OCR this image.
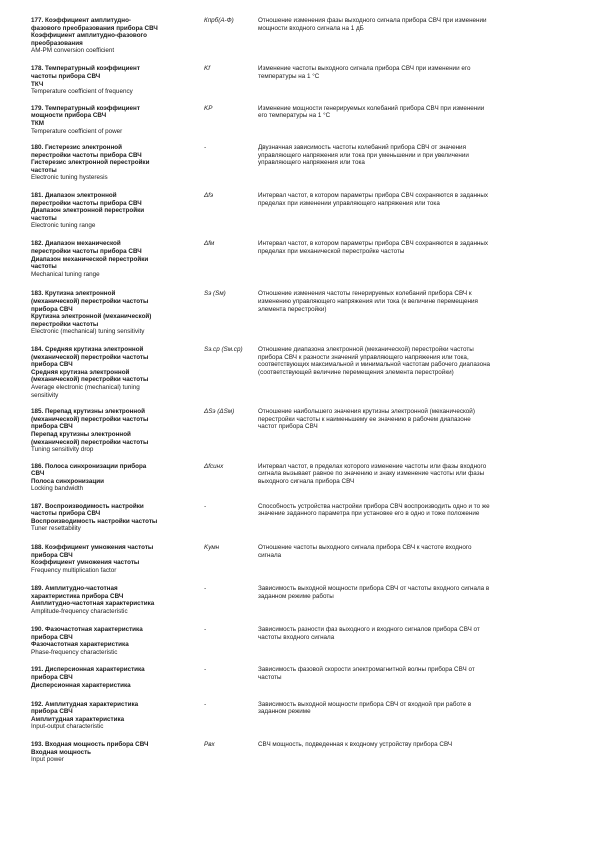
177. Коэффициент амплитудно-
фазового преобразования прибора СВЧ
Коэффициент амплитудно-фазового
преобразования
AM-PM conversion coefficient
Кпрб(А-Ф)	Отношение изменения фазы выходного сигнала прибора СВЧ при изменении
мощности входного сигнала на 1 дБ
178. Температурный коэффициент
частоты прибора СВЧ
ТКЧ
Temperature coefficient of frequency
Kf	Изменение частоты выходного сигнала прибора СВЧ при изменении его
температуры на 1 °С
179. Температурный коэффициент
мощности прибора СВЧ
ТКМ
Temperature coefficient of power
KP	Изменение мощности генерируемых колебаний прибора СВЧ при изменении
его температуры на 1 °С
180. Гистерезис электронной
перестройки частоты прибора СВЧ
Гистерезис электронной перестройки
частоты
Electronic tuning hysteresis
-	Двузначная зависимость частоты колебаний прибора СВЧ от значения
управляющего напряжения или тока при уменьшении и при увеличении
управляющего напряжения или тока
181. Диапазон электронной
перестройки частоты прибора СВЧ
Диапазон электронной перестройки
частоты
Electronic tuning range
Δfэ	Интервал частот, в котором параметры прибора СВЧ сохраняются в заданных
пределах при изменении управляющего напряжения или тока
182. Диапазон механической
перестройки частоты прибора СВЧ
Диапазон механической перестройки
частоты
Mechanical tuning range
Δfм	Интервал частот, в котором параметры прибора СВЧ сохраняются в заданных
пределах при механической перестройке частоты
183. Крутизна электронной
(механической) перестройки частоты
прибора СВЧ
Крутизна электронной (механической)
перестройки частоты
Electronic (mechanical) tuning sensitivity
Sэ (Sм)	Отношение изменения частоты генерируемых колебаний прибора СВЧ к
изменению управляющего напряжения или тока (к величине перемещения
элемента перестройки)
184. Средняя крутизна электронной
(механической) перестройки частоты
прибора СВЧ
Средняя крутизна электронной
(механической) перестройки частоты
Average electronic (mechanical) tuning
sensitivity
Sэ.ср (Sм.ср)	Отношение диапазона электронной (механической) перестройки частоты
прибора СВЧ к разности значений управляющего напряжения или тока,
соответствующих максимальной и минимальной частотам рабочего диапазона
(соответствующей величине перемещения элемента перестройки)
185. Перепад крутизны электронной
(механической) перестройки частоты
прибора СВЧ
Перепад крутизны электронной
(механической) перестройки частоты
Tuning sensitivity drop
ΔSэ (ΔSм)	Отношение наибольшего значения крутизны электронной (механической)
перестройки частоты к наименьшему ее значению в рабочем диапазоне
частот прибора СВЧ
186. Полоса синхронизации прибора
СВЧ
Полоса синхронизации
Locking bandwidth
Δfсинх	Интервал частот, в пределах которого изменение частоты или фазы входного
сигнала вызывает равное по значению и знаку изменение частоты или фазы
выходного сигнала прибора СВЧ
187. Воспроизводимость настройки
частоты прибора СВЧ
Воспроизводимость настройки частоты
Tuner resettability
-	Способность устройства настройки прибора СВЧ воспроизводить одно и то же
значение заданного параметра при установке его в одно и тоже положение
188. Коэффициент умножения частоты
прибора СВЧ
Коэффициент умножения частоты
Frequency multiplication factor
Kумн	Отношение частоты выходного сигнала прибора СВЧ к частоте входного
сигнала
189. Амплитудно-частотная
характеристика прибора СВЧ
Амплитудно-частотная характеристика
Amplitude-frequency characteristic
-	Зависимость выходной мощности прибора СВЧ от частоты входного сигнала в
заданном режиме работы
190. Фазочастотная характеристика
прибора СВЧ
Фазочастотная характеристика
Phase-frequency characteristic
-	Зависимость разности фаз выходного и входного сигналов прибора СВЧ от
частоты входного сигнала
191. Дисперсионная характеристика
прибора СВЧ
Дисперсионная характеристика
-	Зависимость фазовой скорости электромагнитной волны прибора СВЧ от
частоты
192. Амплитудная характеристика
прибора СВЧ
Амплитудная характеристика
Input-output characteristic
-	Зависимость выходной мощности прибора СВЧ от входной при работе в
заданном режиме
193. Входная мощность прибора СВЧ
Входная мощность
Input power
Pвх	СВЧ мощность, подведенная к входному устройству прибора СВЧ
